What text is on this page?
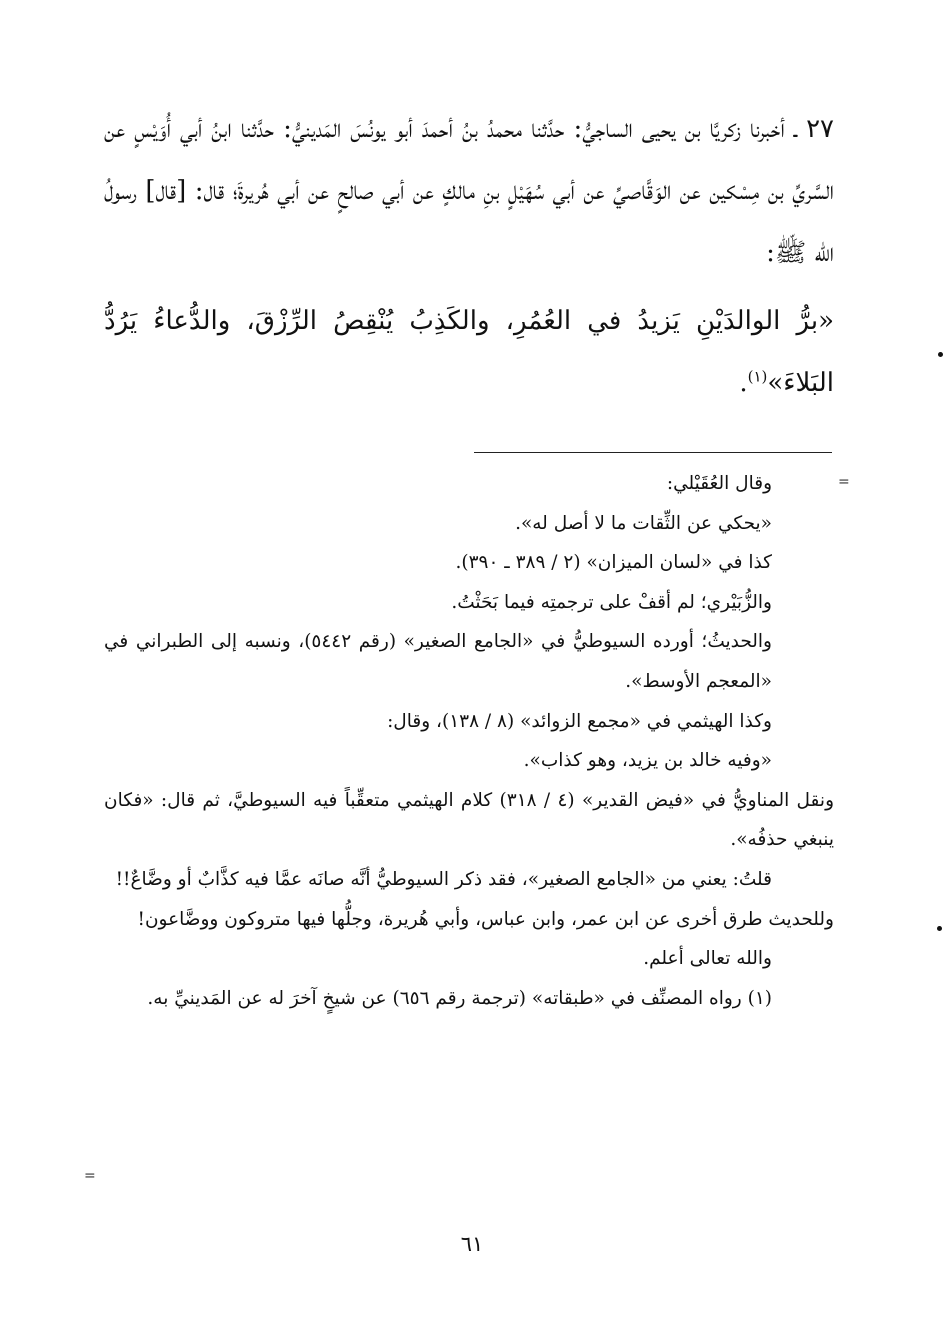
٢٧ ـ أخبرنا زكريَّا بن يحيى الساجيُّ: حدَّثنا محمدُ بنُ أحمدَ أبو يونُسَ المَدينيُّ: حدَّثنا ابنُ أبي أُوَيْسٍ عن السَّريِّ بن مِسْكين عن الوَقَّاصيِّ عن أبي سُهَيْلٍ بنِ مالكٍ عن أبي صالحٍ عن أبي هُريرةَ؛ قال: [قال] رسولُ الله ﷺ:

«برُّ الوالدَيْنِ يَزيدُ في العُمُرِ، والكَذِبُ يُنْقِصُ الرِّزْقَ، والدُّعاءُ يَرُدُّ البَلاءَ»$^{(١)}$.

وقال العُقَيْلي:

«يحكي عن الثِّقات ما لا أصل له».

كذا في «لسان الميزان» (٢ / ٣٨٩ ـ ٣٩٠).

والزُّبَيْري؛ لم أقفْ على ترجمتِه فيما بَحَثْتُ.

والحديثُ؛ أورده السيوطيُّ في «الجامع الصغير» (رقم ٥٤٤٢)، ونسبه إلى الطبراني في «المعجم الأوسط».

وكذا الهيثمي في «مجمع الزوائد» (٨ / ١٣٨)، وقال:

«وفيه خالد بن يزيد، وهو كذاب».

ونقل المناويُّ في «فيض القدير» (٤ / ٣١٨) كلام الهيثمي متعقِّباً فيه السيوطيَّ، ثم قال: «فكان ينبغي حذفُه».

قلتُ: يعني من «الجامع الصغير»، فقد ذكر السيوطيُّ أنَّه صانَه عمَّا فيه كذَّابٌ أو وضَّاعٌ!!

وللحديث طرق أخرى عن ابن عمر، وابن عباس، وأبي هُريرة، وجلُّها فيها متروكون ووضَّاعون!

والله تعالى أعلم.

(١) رواه المصنِّف في «طبقاته» (ترجمة رقم ٦٥٦) عن شيخٍ آخرَ له عن المَدينيِّ به.

٦١
=
=
